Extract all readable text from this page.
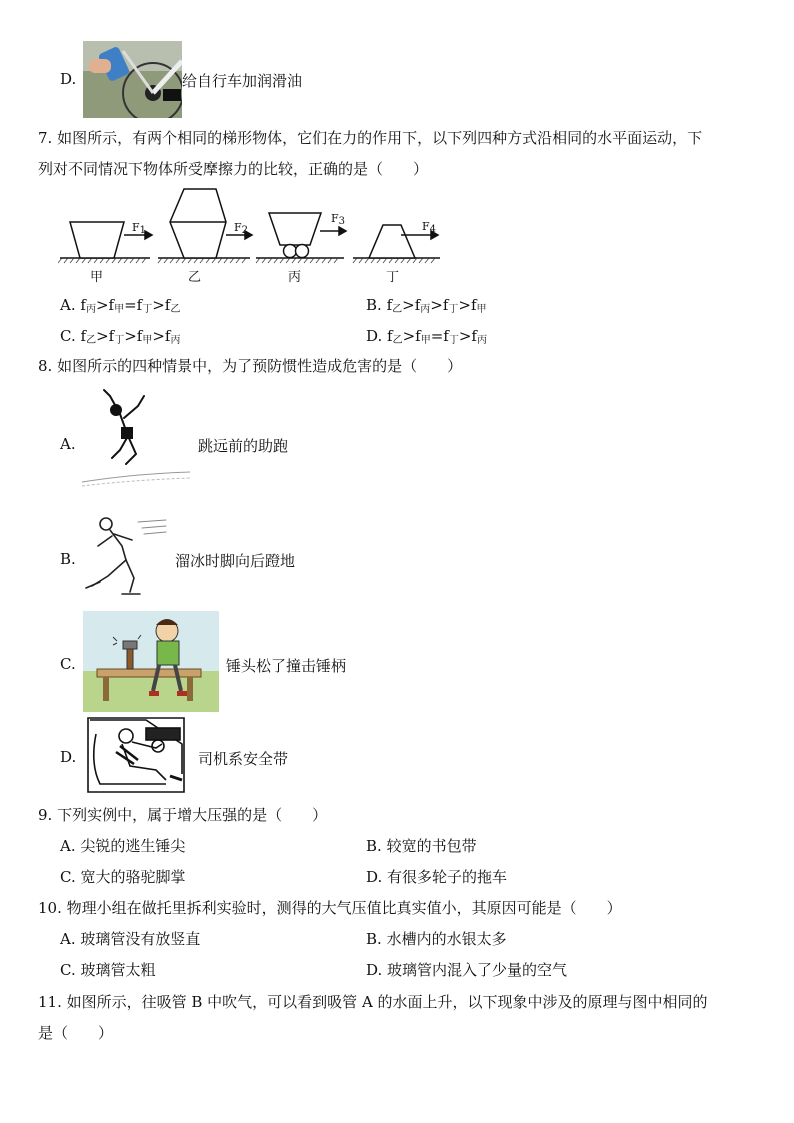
D.	给自行车加润滑油
7. 如图所示，有两个相同的梯形物体，它们在力的作用下，以下列四种方式沿相同的水平面运动，下
列对不同情况下物体所受摩擦力的比较，正确的是（　　）
$F_1$	$F_2$
$F_3$	$F_4$
甲	乙	丙	丁
A. $f_丙>f_甲=f_丁>f_乙$	B. $f_乙>f_丙>f_丁>f_甲$
C. $f_乙>f_丁>f_甲>f_丙$	D. $f_乙>f_甲=f_丁>f_丙$
8. 如图所示的四种情景中，为了预防惯性造成危害的是（　　）
A.	跳远前的助跑
B.	溜冰时脚向后蹬地
C.	锤头松了撞击锤柄
D.	司机系安全带
9. 下列实例中，属于增大压强的是（　　）
A. 尖锐的逃生锤尖	B. 较宽的书包带
C. 宽大的骆驼脚掌	D. 有很多轮子的拖车
10. 物理小组在做托里拆利实验时，测得的大气压值比真实值小，其原因可能是（　　）
A. 玻璃管没有放竖直	B. 水槽内的水银太多
C. 玻璃管太粗	D. 玻璃管内混入了少量的空气
11. 如图所示，往吸管 B 中吹气，可以看到吸管 A 的水面上升，以下现象中涉及的原理与图中相同的
是（　　）
